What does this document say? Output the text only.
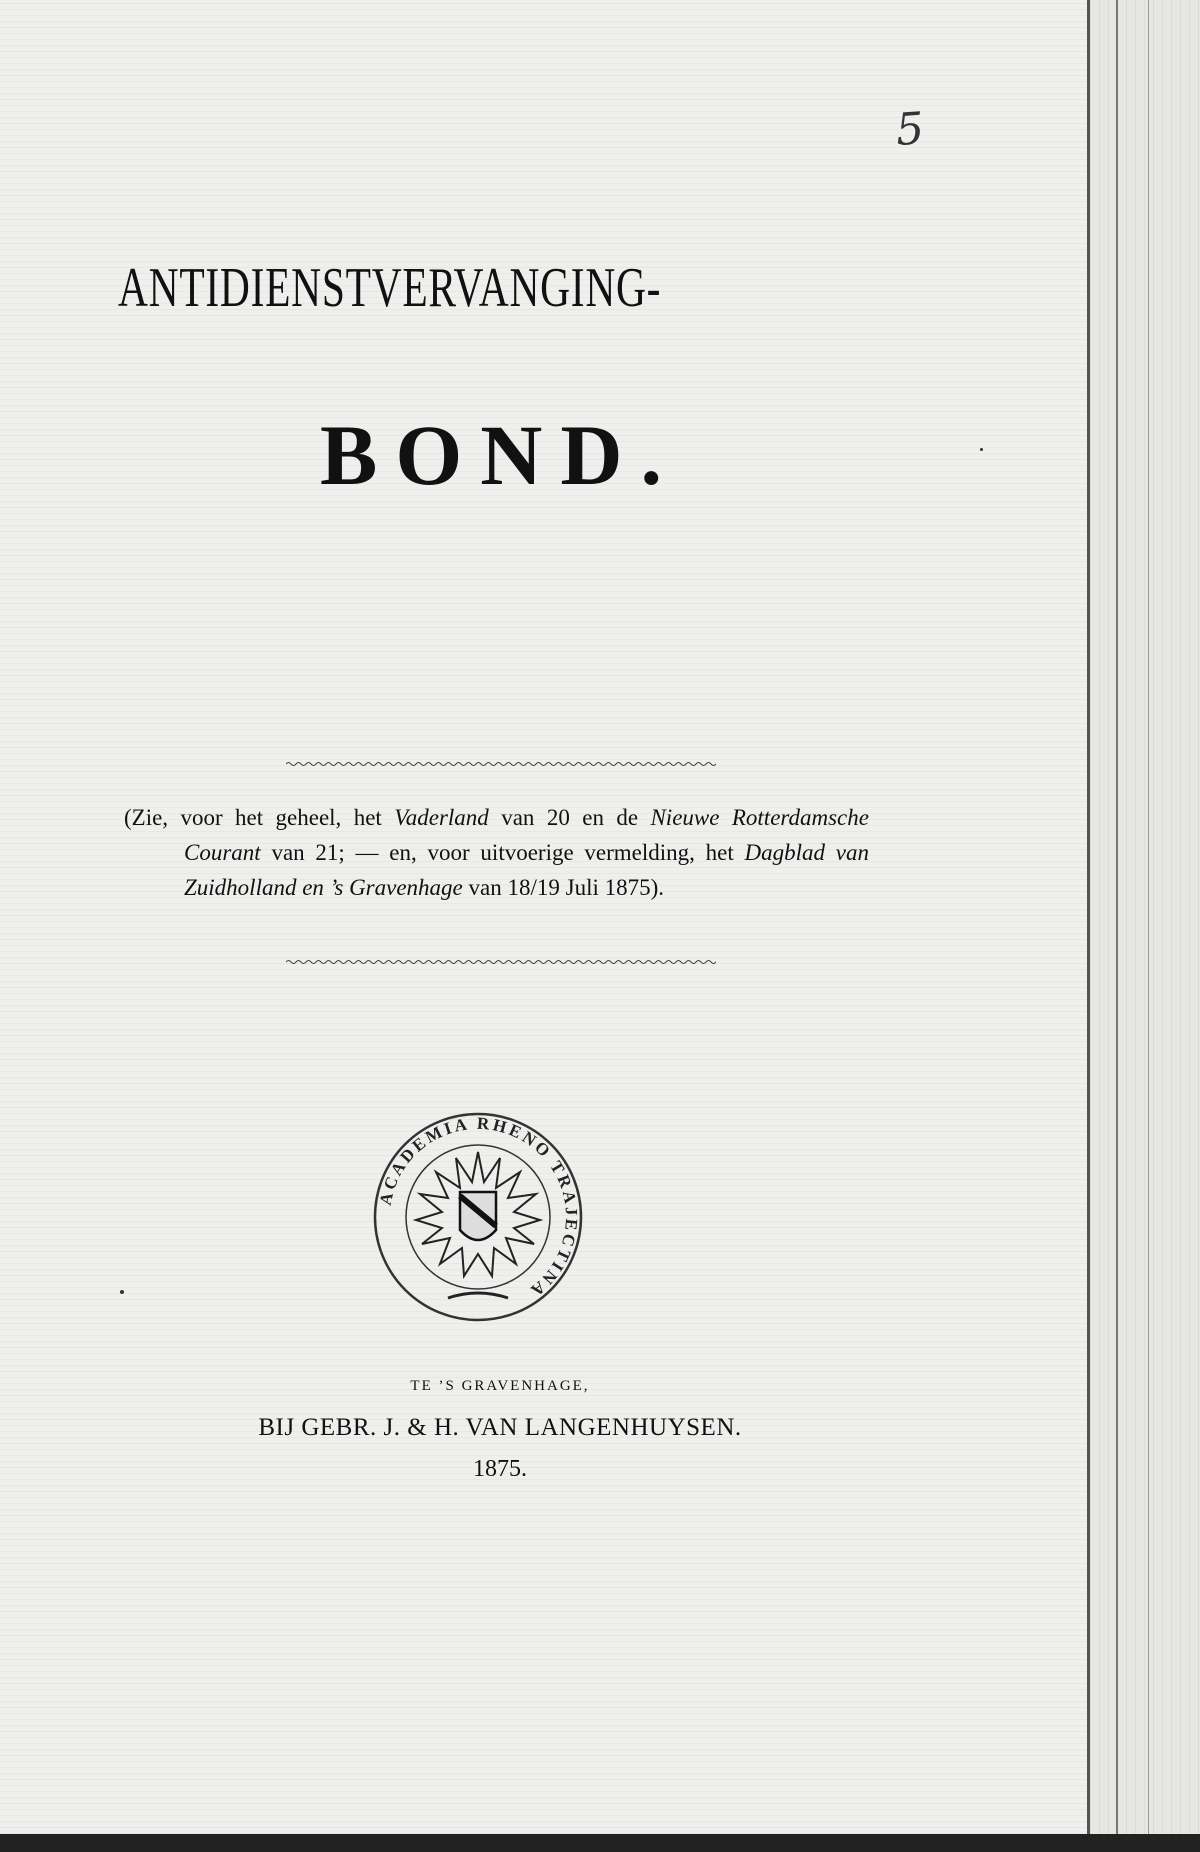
5
ANTIDIENSTVERVANGING-
BOND.

(Zie, voor het geheel, het Vaderland van 20 en de Nieuwe Rotterdamsche Courant van 21; — en, voor uitvoerige vermelding, het Dagblad van Zuidholland en ’s Gravenhage van 18/19 Juli 1875).

ACADEMIA RHENO TRAJECTINA
TE ’S GRAVENHAGE,
BIJ GEBR. J. & H. VAN LANGENHUYSEN.
1875.
